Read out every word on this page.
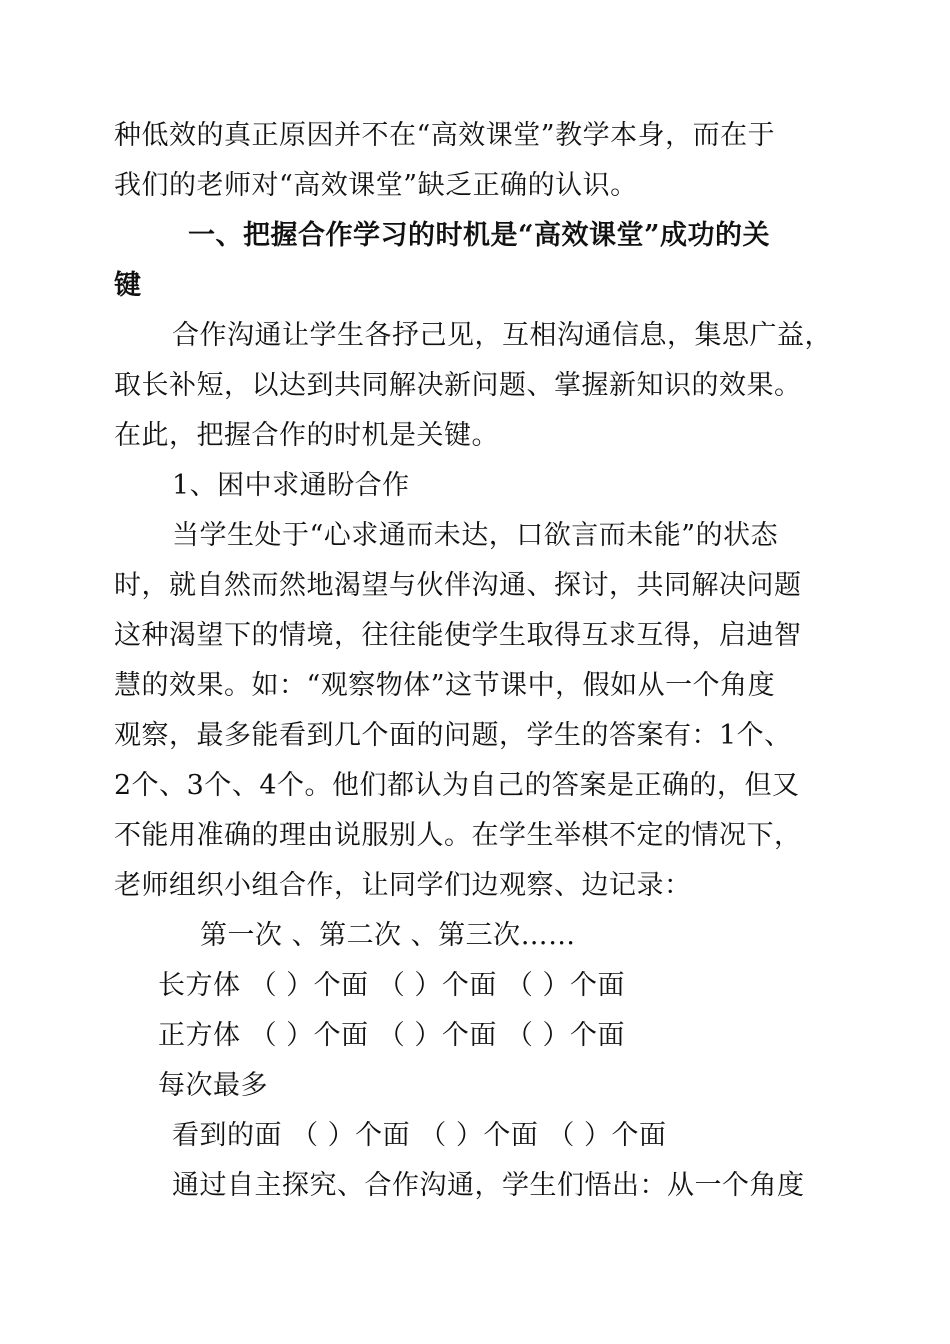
种低效的真正原因并不在“高效课堂”教学本身，而在于
我们的老师对“高效课堂”缺乏正确的认识。
一、把握合作学习的时机是“高效课堂”成功的关
键
合作沟通让学生各抒己见，互相沟通信息，集思广益，
取长补短，以达到共同解决新问题、掌握新知识的效果。
在此，把握合作的时机是关键。
1、困中求通盼合作
当学生处于“心求通而未达，口欲言而未能”的状态
时，就自然而然地渴望与伙伴沟通、探讨，共同解决问题
这种渴望下的情境，往往能使学生取得互求互得，启迪智
慧的效果。如：“观察物体”这节课中，假如从一个角度
观察，最多能看到几个面的问题，学生的答案有：1个、
2个、3个、4个。他们都认为自己的答案是正确的，但又
不能用准确的理由说服别人。在学生举棋不定的情况下，
老师组织小组合作，让同学们边观察、边记录：
第一次 、第二次 、第三次……
长方体 （ ）个面 （ ）个面 （ ）个面
正方体 （ ）个面 （ ）个面 （ ）个面
每次最多
看到的面 （ ）个面 （ ）个面 （ ）个面
通过自主探究、合作沟通，学生们悟出：从一个角度
